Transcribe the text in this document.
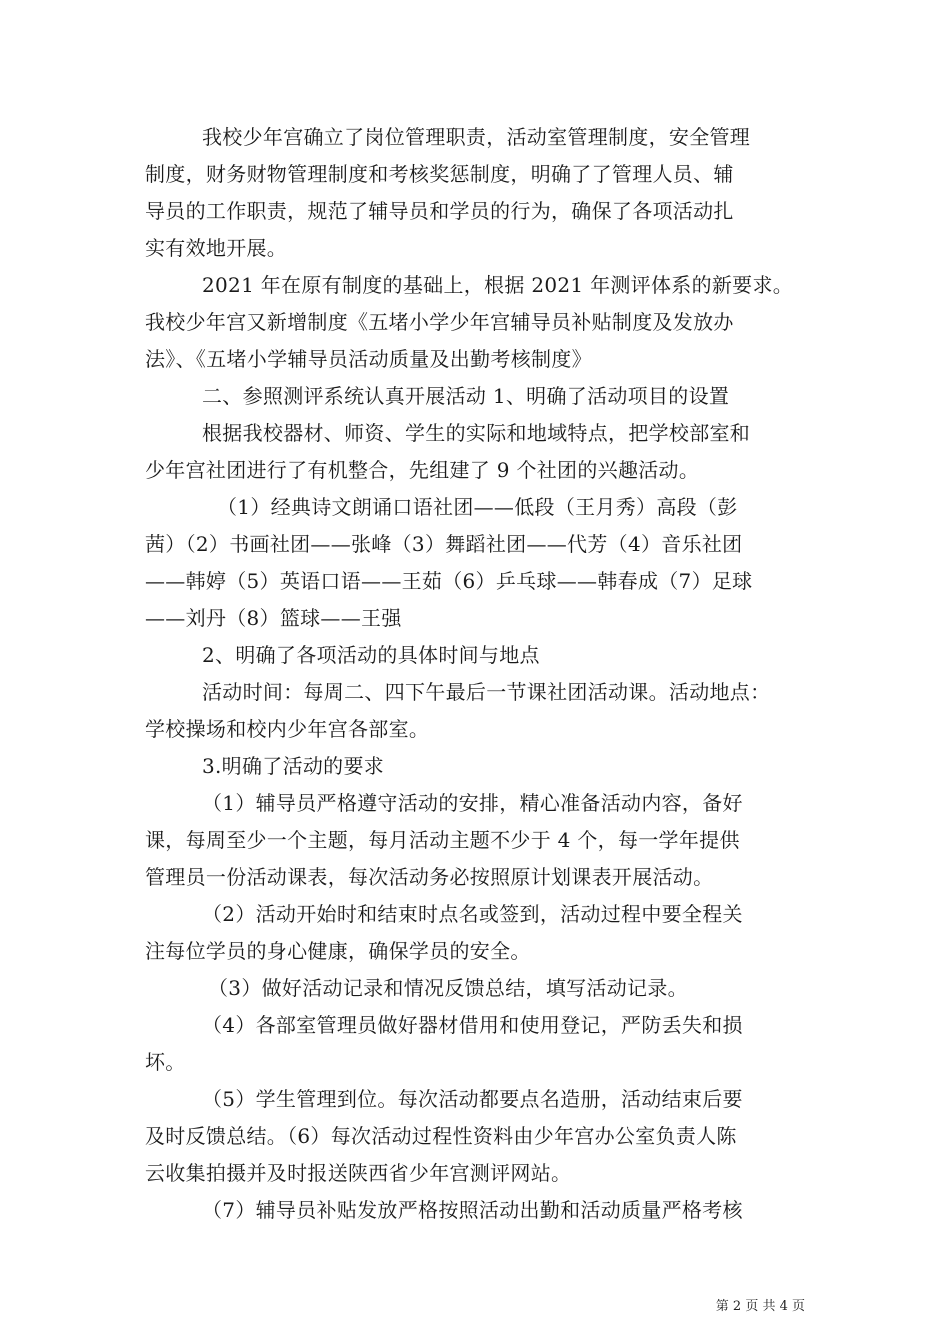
我校少年宫确立了岗位管理职责，活动室管理制度，安全管理
制度，财务财物管理制度和考核奖惩制度，明确了了管理人员、辅
导员的工作职责，规范了辅导员和学员的行为，确保了各项活动扎
实有效地开展。
2021 年在原有制度的基础上，根据 2021 年测评体系的新要求。
我校少年宫又新增制度《五堵小学少年宫辅导员补贴制度及发放办
法》、《五堵小学辅导员活动质量及出勤考核制度》
二、参照测评系统认真开展活动 1、明确了活动项目的设置
根据我校器材、师资、学生的实际和地域特点，把学校部室和
少年宫社团进行了有机整合，先组建了 9 个社团的兴趣活动。
（1）经典诗文朗诵口语社团——低段（王月秀）高段（彭
茜）（2）书画社团——张峰（3）舞蹈社团——代芳（4）音乐社团
——韩婷（5）英语口语——王茹（6）乒乓球——韩春成（7）足球
——刘丹（8）篮球——王强
2、明确了各项活动的具体时间与地点
活动时间：每周二、四下午最后一节课社团活动课。活动地点：
学校操场和校内少年宫各部室。
3.明确了活动的要求
（1）辅导员严格遵守活动的安排，精心准备活动内容，备好
课，每周至少一个主题，每月活动主题不少于 4 个，每一学年提供
管理员一份活动课表，每次活动务必按照原计划课表开展活动。
（2）活动开始时和结束时点名或签到，活动过程中要全程关
注每位学员的身心健康，确保学员的安全。
（3）做好活动记录和情况反馈总结，填写活动记录。
（4）各部室管理员做好器材借用和使用登记，严防丢失和损
坏。
（5）学生管理到位。每次活动都要点名造册，活动结束后要
及时反馈总结。（6）每次活动过程性资料由少年宫办公室负责人陈
云收集拍摄并及时报送陕西省少年宫测评网站。
（7）辅导员补贴发放严格按照活动出勤和活动质量严格考核
第 2 页 共 4 页
